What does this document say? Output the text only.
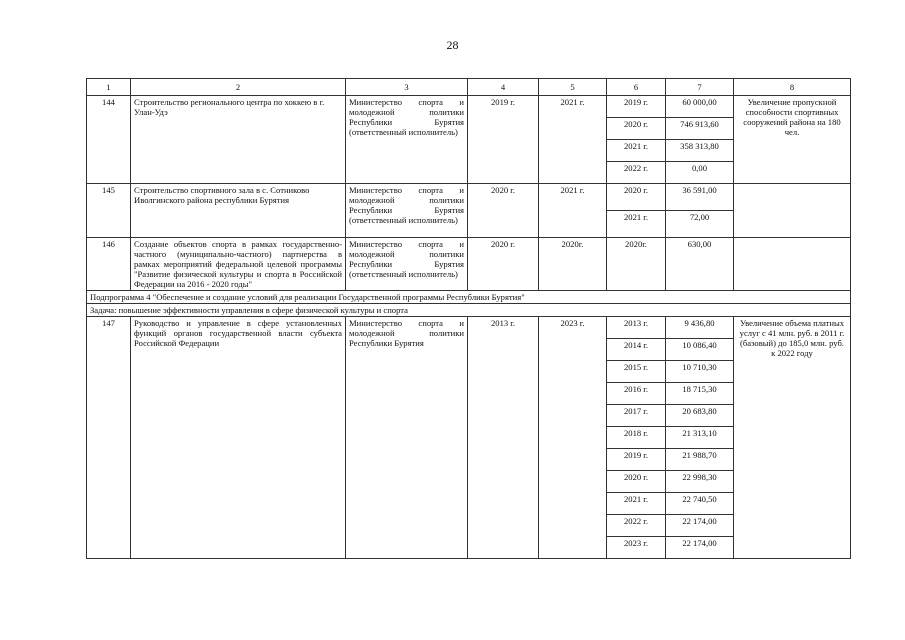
28
1	2	3	4	5	6	7	8
144	Строительство регионального центра по хоккею в г. Улан-Удэ	Министерство спорта и молодежной политики Республики Бурятия (ответственный исполнитель)	2019 г.	2021 г.	2019 г.	60 000,00	Увеличение пропускной способности спортивных сооружений района на 180 чел.
					2020 г.	746 913,60	
					2021 г.	358 313,80	
					2022 г.	0,00	
145	Строительство спортивного зала в с. Сотниково Иволгинского района республики Бурятия	Министерство спорта и молодежной политики Республики Бурятия (ответственный исполнитель)	2020 г.	2021 г.	2020 г.	36 591,00	
					2021 г.	72,00	
146	Создание объектов спорта в рамках государственно-частного (муниципально-частного) партнерства в рамках мероприятий федеральной целевой программы "Развитие физической культуры и спорта в Российской Федерации на 2016 - 2020 годы"	Министерство спорта и молодежной политики Республики Бурятия (ответственный исполнитель)	2020 г.	2020г.	2020г.	630,00	
Подпрограмма 4 "Обеспечение и создание условий для реализации Государственной программы Республики Бурятия"							
Задача: повышение эффективности управления в сфере физической культуры и спорта							
147	Руководство и управление в сфере установленных функций органов государственной власти субъекта Российской Федерации	Министерство спорта и молодежной политики Республики Бурятия	2013 г.	2023 г.	2013 г.	9 436,80	Увеличение объема платных услуг с 41 млн. руб. в 2011 г. (базовый) до 185,0 млн. руб. к 2022 году
					2014 г.	10 086,40	
					2015 г.	10 710,30	
					2016 г.	18 715,30	
					2017 г.	20 683,80	
					2018 г.	21 313,10	
					2019 г.	21 988,70	
					2020 г.	22 998,30	
					2021 г.	22 740,50	
					2022 г.	22 174,00	
					2023 г.	22 174,00	
